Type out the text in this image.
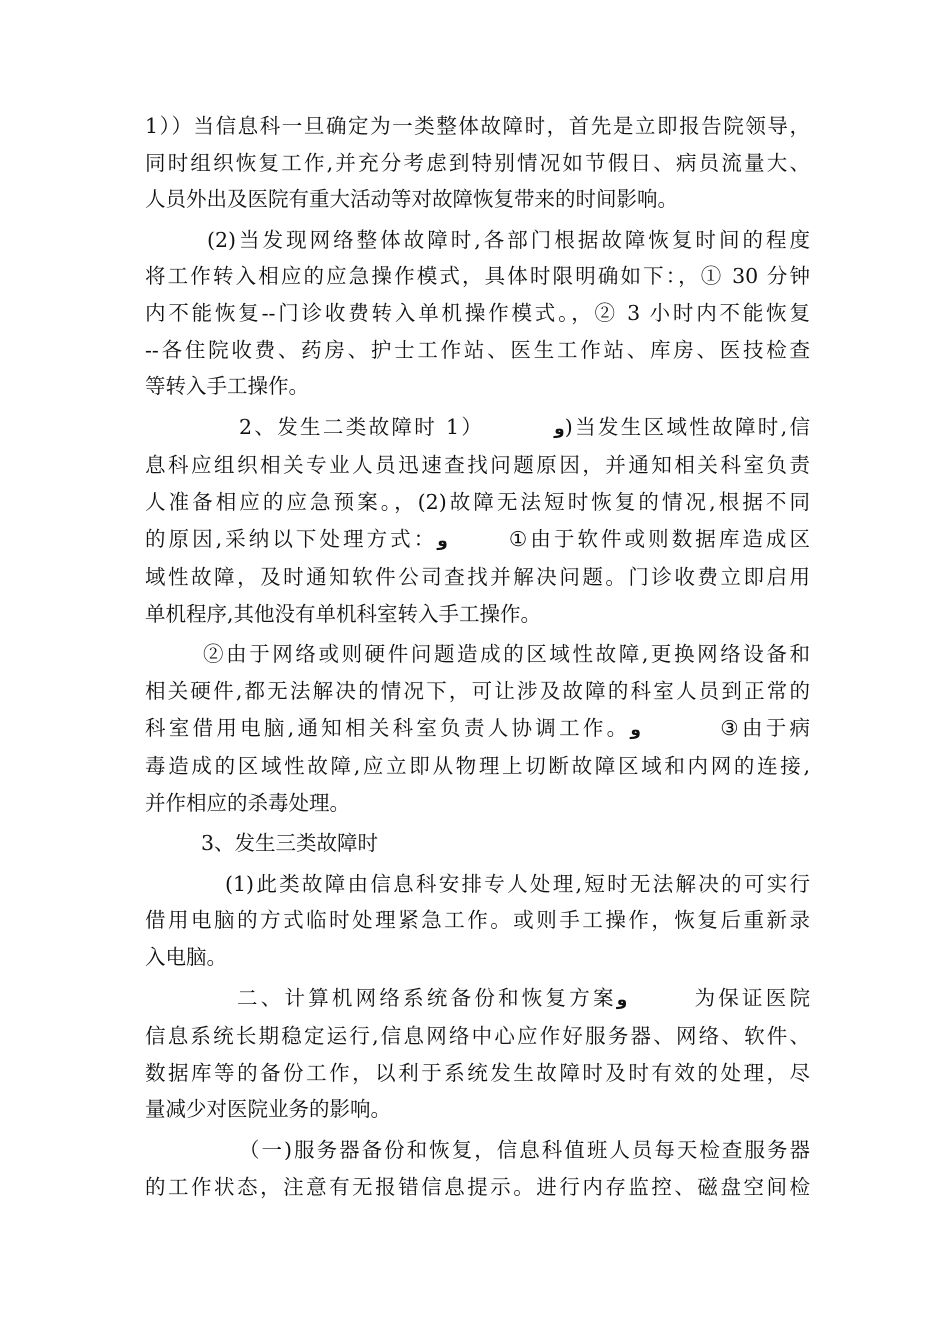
1））当信息科一旦确定为一类整体故障时，首先是立即报告院领导，

同时组织恢复工作,并充分考虑到特别情况如节假日、病员流量大、

人员外出及医院有重大活动等对故障恢复带来的时间影响。

(2)当发现网络整体故障时,各部门根据故障恢复时间的程度

将工作转入相应的应急操作模式，具体时限明确如下：，① 30 分钟

内不能恢复--门诊收费转入单机操作模式。，② 3 小时内不能恢复

--各住院收费、药房、护士工作站、医生工作站、库房、医技检查

等转入手工操作。

2、发生二类故障时 1）	و)当发生区域性故障时,信

息科应组织相关专业人员迅速查找问题原因，并通知相关科室负责

人准备相应的应急预案。，(2)故障无法短时恢复的情况,根据不同

的原因,采纳以下处理方式：و	①由于软件或则数据库造成区

域性故障，及时通知软件公司查找并解决问题。门诊收费立即启用

单机程序,其他没有单机科室转入手工操作。

②由于网络或则硬件问题造成的区域性故障,更换网络设备和

相关硬件,都无法解决的情况下，可让涉及故障的科室人员到正常的

科室借用电脑,通知相关科室负责人协调工作。و	③由于病

毒造成的区域性故障,应立即从物理上切断故障区域和内网的连接,

并作相应的杀毒处理。

3、发生三类故障时

(1)此类故障由信息科安排专人处理,短时无法解决的可实行

借用电脑的方式临时处理紧急工作。或则手工操作，恢复后重新录

入电脑。

二、计算机网络系统备份和恢复方案و	为保证医院

信息系统长期稳定运行,信息网络中心应作好服务器、网络、软件、

数据库等的备份工作，以利于系统发生故障时及时有效的处理，尽

量减少对医院业务的影响。

（一)服务器备份和恢复，信息科值班人员每天检查服务器

的工作状态，注意有无报错信息提示。进行内存监控、磁盘空间检
